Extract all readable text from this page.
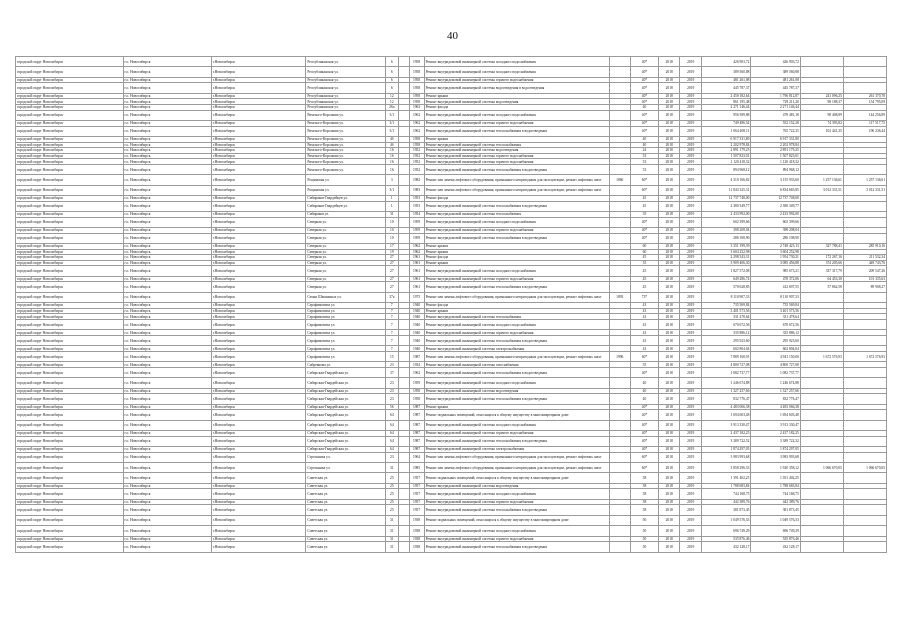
40
городской округ Новосибирск	г.о. Новосибирск	г.Новосибирск	Республиканская ул.	6		1958	Ремонт внутридомовой инженерной системы холодного водоснабжения		40*	2018	2019	426 903,72	426 903,72		
городской округ Новосибирск	г.о. Новосибирск	г.Новосибирск	Республиканская ул.	6		1958	Ремонт внутридомовой инженерной системы холодного водоснабжения		40*	2018	2019	389 560,88	389 560,88		
городской округ Новосибирск	г.о. Новосибирск	г.Новосибирск	Республиканская ул.	6		1958	Ремонт внутридомовой инженерной системы горячего водоснабжения		40*	2018	2019	481 261,08	481 261,08		
городской округ Новосибирск	г.о. Новосибирск	г.Новосибирск	Республиканская ул.	6		1958	Ремонт внутридомовой инженерной системы водоотведения в водоотведения		40*	2018	2019	445 787,37	445 787,37		
городской округ Новосибирск	г.о. Новосибирск	г.Новосибирск	Республиканская ул.	12		1958	Ремонт крыши		40*	2018	2019	2 450 182,64	1 796 812,87	241 096,25	261 370,78
городской округ Новосибирск	г.о. Новосибирск	г.Новосибирск	Республиканская ул.	12		1958	Ремонт внутридомовой инженерной системы водоотведения		40*	2018	2019	861 195,48	729 211,20	98 188,37	154 795,09
городской округ Новосибирск	г.о. Новосибирск	г.Новосибирск	Республиканская ул.	26а		1963	Ремонт фасада		40	2018	2019	2 271 146,44	2 271 146,44		
городской округ Новосибирск	г.о. Новосибирск	г.Новосибирск	Римского-Корсакова ул.	3/1		1962	Ремонт внутридомовой инженерной системы холодного водоснабжения		40*	2018	2019	956 589,88	478 481,18	98 408,89	144 256,89
городской округ Новосибирск	г.о. Новосибирск	г.Новосибирск	Римского-Корсакова ул.	3/1		1962	Ремонт внутридомовой инженерной системы горячего водоснабжения		40*	2018	2019	749 486,54	552 152,28	74 393,82	117 517,75
городской округ Новосибирск	г.о. Новосибирск	г.Новосибирск	Римского-Корсакова ул.	3/1		1962	Ремонт внутридомовой инженерной системы теплоснабжения в водоотведения		40*	2018	2019	1 064 408,11	765 722,35	102 441,35	196 236,44
городской округ Новосибирск	г.о. Новосибирск	г.Новосибирск	Римского-Корсакова ул.	4б		1958	Ремонт крыши		40	2018	2019	6 917 331,80	6 917 331,80		
городской округ Новосибирск	г.о. Новосибирск	г.Новосибирск	Римского-Корсакова ул.	4б		1958	Ремонт внутридомовой инженерной системы теплоснабжения		40	2018	2019	2 202 978,84	2 202 978,84		
городской округ Новосибирск	г.о. Новосибирск	г.Новосибирск	Римского-Корсакова ул.	16		1952	Ремонт внутридомовой инженерной системы водоотведения		24	2018	2019	2 891 179,25	2 891 179,25		
городской округ Новосибирск	г.о. Новосибирск	г.Новосибирск	Римского-Корсакова ул.	16		1952	Ремонт внутридомовой инженерной системы горячего водоснабжения		53	2018	2019	1 507 823,01	1 507 823,01		
городской округ Новосибирск	г.о. Новосибирск	г.Новосибирск	Римского-Корсакова ул.	16		1952	Ремонт внутридомовой инженерной системы горячего водоснабжения		53	2018	2019	1 120 418,32	1 120 418,32		
городской округ Новосибирск	г.о. Новосибирск	г.Новосибирск	Римского-Корсакова ул.	16		1952	Ремонт внутридомовой инженерной системы теплоснабжения в водоотведения		53	2018	2019	894 968,12	894 968,12		
городской округ Новосибирск	г.о. Новосибирск	г.Новосибирск	Рощинская ул.	3		1982	Ремонт или замена лифтового оборудования, признанного непригодным для эксплуатации, ремонт лифтовых шахт	1860	60*	2018	2019	4 310 166,82	3 155 933,60	1 257 136,61	1 257 136,61
городской округ Новосибирск	г.о. Новосибирск	г.Новосибирск	Рощинская ул.	3/1		1983	Ремонт или замена лифтового оборудования, признанного непригодным для эксплуатации, ремонт лифтовых шахт		60*	2018	2019	11 843 325,31	6 834 665,85	3 012 331,51	3 012 331,51
городской округ Новосибирск	г.о. Новосибирск	г.Новосибирск	Сибиряков-Гвардейцев ул.	1		1953	Ремонт фасада		45	2018	2019	12 737 748,00	12 737 748,00		
городской округ Новосибирск	г.о. Новосибирск	г.Новосибирск	Сибиряков-Гвардейцев ул.	1		1953	Ремонт внутридомовой инженерной системы теплоснабжения в водоотведения		45	2018	2019	2 380 349,77	2 380 349,77		
городской округ Новосибирск	г.о. Новосибирск	г.Новосибирск	Сибиряков ул.	31		1954	Ремонт внутридомовой инженерной системы теплоснабжения		35	2018	2019	2 433 992,00	2 433 992,00		
городской округ Новосибирск	г.о. Новосибирск	г.Новосибирск	Северная ул.	10		1959	Ремонт внутридомовой инженерной системы холодного водоснабжения		40*	2018	2019	602 399,66	602 399,66		
городской округ Новосибирск	г.о. Новосибирск	г.Новосибирск	Северная ул.	10		1959	Ремонт внутридомовой инженерной системы горячего водоснабжения		40*	2018	2019	398 208,04	398 208,04		
городской округ Новосибирск	г.о. Новосибирск	г.Новосибирск	Северная ул.	10		1959	Ремонт внутридомовой инженерной системы теплоснабжения в водоотведения		40*	2018	2019	286 108,90	286 108,90		
городской округ Новосибирск	г.о. Новосибирск	г.Новосибирск	Северная ул.	17		1962	Ремонт крыши		60	2018	2019	3 351 199,39	2 748 423,13	327 788,41	285 910,16
городской округ Новосибирск	г.о. Новосибирск	г.Новосибирск	Северная ул.	19		1962	Ремонт крыши		60	2018	2019	3 604 252,98	3 604 252,98		
городской округ Новосибирск	г.о. Новосибирск	г.Новосибирск	Северная ул.	27		1961	Ремонт фасада		45	2018	2019	2 298 543,31	1 954 730,21	172 267,16	211 532,34
городской округ Новосибирск	г.о. Новосибирск	г.Новосибирск	Северная ул.	27		1961	Ремонт крыши		55	2018	2019	3 909 406,30	3 085 456,88	374 205,66	449 743,76
городской округ Новосибирск	г.о. Новосибирск	г.Новосибирск	Северная ул.	27		1961	Ремонт внутридомовой инженерной системы холодного водоснабжения		45	2018	2019	1 827 572,08	985 673,21	337 317,79	209 547,26
городской округ Новосибирск	г.о. Новосибирск	г.Новосибирск	Северная ул.	27		1961	Ремонт внутридомовой инженерной системы горячего водоснабжения		45	2018	2019	649 286,74	478 372,06	64 453,38	101 335,63
городской округ Новосибирск	г.о. Новосибирск	г.Новосибирск	Северная ул.	27		1961	Ремонт внутридомовой инженерной системы теплоснабжения в водоотведения		45	2018	2019	570 628,85	412 697,55	57 862,58	89 908,27
городской округ Новосибирск	г.о. Новосибирск	г.Новосибирск	Семьи Шамшиных ул.	37а		1975	Ремонт или замена лифтового оборудования, признанного непригодным для эксплуатации, ремонт лифтовых шахт	1893	73*	2018	2019	8 110 907,33	8 110 907,33		
городской округ Новосибирск	г.о. Новосибирск	г.Новосибирск	Серафимовича ул.	7		1940	Ремонт фасада		43	2018	2019	735 569,84	735 569,84		
городской округ Новосибирск	г.о. Новосибирск	г.Новосибирск	Серафимовича ул.	7		1940	Ремонт крыши		43	2018	2019	3 401 573,56	3 401 573,56		
городской округ Новосибирск	г.о. Новосибирск	г.Новосибирск	Серафимовича ул.	7		1940	Ремонт внутридомовой инженерной системы теплоснабжения		43	2018	2019	331 478,64	331 478,64		
городской округ Новосибирск	г.о. Новосибирск	г.Новосибирск	Серафимовича ул.	7		1940	Ремонт внутридомовой инженерной системы холодного водоснабжения		43	2018	2019	670 672,56	670 672,56		
городской округ Новосибирск	г.о. Новосибирск	г.Новосибирск	Серафимовича ул.	7		1940	Ремонт внутридомовой инженерной системы горячего водоснабжения		43	2018	2019	335 886,12	335 886,12		
городской округ Новосибирск	г.о. Новосибирск	г.Новосибирск	Серафимовича ул.	7		1940	Ремонт внутридомовой инженерной системы теплоснабжения в водоотведения		43	2018	2019	295 923,60	295 923,60		
городской округ Новосибирск	г.о. Новосибирск	г.Новосибирск	Серафимовича ул.	7		1940	Ремонт внутридомовой инженерной системы электроснабжения		43	2018	2019	602 804,04	602 804,04		
городской округ Новосибирск	г.о. Новосибирск	г.Новосибирск	Серафимовича ул.	15		1987	Ремонт или замена лифтового оборудования, признанного непригодным для эксплуатации, ремонт лифтовых шахт	1996	60*	2018	2019	7 889 160,91	4 941 150,00	1 672 576,93	1 672 576,93
городской округ Новосибирск	г.о. Новосибирск	г.Новосибирск	Сибревкома ул.	23		1934	Ремонт внутридомовой инженерной системы газоснабжения		55	2018	2019	4 800 727,08	4 800 727,08		
городской округ Новосибирск	г.о. Новосибирск	г.Новосибирск	Сибирская-Гвардейская ул.	37		1962	Ремонт внутридомовой инженерной системы теплоснабжения в водоотведения		40*	2018	2019	1 082 737,77	1 082 737,77		
городской округ Новосибирск	г.о. Новосибирск	г.Новосибирск	Сибирская-Гвардейская ул.	23		1959	Ремонт внутридомовой инженерной системы холодного водоснабжения		40	2018	2019	1 246 674,88	1 246 674,88		
городской округ Новосибирск	г.о. Новосибирск	г.Новосибирск	Сибирская-Гвардейская ул.	23		1958	Ремонт внутридомовой инженерной системы водоотведения		40	2018	2019	1 327 257,66	1 327 257,66		
городской округ Новосибирск	г.о. Новосибирск	г.Новосибирск	Сибирская-Гвардейская ул.	23		1958	Ремонт внутридомовой инженерной системы теплоснабжения в водоотведения		40	2018	2019	832 776,47	832 776,47		
городской округ Новосибирск	г.о. Новосибирск	г.Новосибирск	Сибирская-Гвардейская ул.	56		1987	Ремонт крыши		40*	2018	2019	4 483 066,38	4 483 066,38		
городской округ Новосибирск	г.о. Новосибирск	г.Новосибирск	Сибирская-Гвардейская ул.	64		1987	Ремонт подвальных помещений, относящихся к общему имуществу в многоквартирном доме		40*	2018	2019	1 694 603,48	1 694 603,48		
городской округ Новосибирск	г.о. Новосибирск	г.Новосибирск	Сибирская-Гвардейская ул.	64		1987	Ремонт внутридомовой инженерной системы холодного водоснабжения		40*	2018	2019	3 913 330,47	3 913 330,47		
городской округ Новосибирск	г.о. Новосибирск	г.Новосибирск	Сибирская-Гвардейская ул.	64		1987	Ремонт внутридомовой инженерной системы горячего водоснабжения		40*	2018	2019	2 437 182,25	2 437 182,25		
городской округ Новосибирск	г.о. Новосибирск	г.Новосибирск	Сибирская-Гвардейская ул.	64		1987	Ремонт внутридомовой инженерной системы теплоснабжения в водоотведения		40*	2018	2019	3 389 722,32	3 389 722,32		
городской округ Новосибирск	г.о. Новосибирск	г.Новосибирск	Сибирская-Гвардейская ул.	64		1987	Ремонт внутридомовой инженерной системы электроснабжения		40*	2018	2019	1 874 297,05	1 874 297,05		
городской округ Новосибирск	г.о. Новосибирск	г.Новосибирск	Стрельника ул.	23		1964	Ремонт или замена лифтового оборудования, признанного непригодным для эксплуатации, ремонт лифтовых шахт		60*	2018	2019	3 983 993,68	3 983 993,68		
городской округ Новосибирск	г.о. Новосибирск	г.Новосибирск	Стрельника ул.	31		1985	Ремонт или замена лифтового оборудования, признанного непригодным для эксплуатации, ремонт лифтовых шахт		60*	2018	2019	3 858 296,33	1 920 358,12	1 066 670,05	1 066 670,05
городской округ Новосибирск	г.о. Новосибирск	г.Новосибирск	Советская ул.	25		1957	Ремонт подвальных помещений, относящихся к общему имуществу в многоквартирном доме		58	2018	2019	1 391 402,25	1 391 402,25		
городской округ Новосибирск	г.о. Новосибирск	г.Новосибирск	Советская ул.	25		1957	Ремонт внутридомовой инженерной системы водоотведения		58	2018	2019	1 788 683,84	1 788 683,84		
городской округ Новосибирск	г.о. Новосибирск	г.Новосибирск	Советская ул.	25		1957	Ремонт внутридомовой инженерной системы холодного водоснабжения		58	2018	2019	744 168,75	744 168,75		
городской округ Новосибирск	г.о. Новосибирск	г.Новосибирск	Советская ул.	25		1957	Ремонт внутридомовой инженерной системы горячего водоснабжения		58	2018	2019	442 389,76	442 389,76		
городской округ Новосибирск	г.о. Новосибирск	г.Новосибирск	Советская ул.	25		1957	Ремонт внутридомовой инженерной системы теплоснабжения в водоотведения		58	2018	2019	381 873,45	381 873,45		
городской округ Новосибирск	г.о. Новосибирск	г.Новосибирск	Советская ул.	31		1938	Ремонт подвальных помещений, относящихся к общему имуществу в многоквартирном доме		50	2018	2019	1 049 576,33	1 049 576,33		
городской округ Новосибирск	г.о. Новосибирск	г.Новосибирск	Советская ул.	31		1938	Ремонт внутридомовой инженерной системы холодного водоснабжения		50	2018	2019	696 749,29	696 749,29		
городской округ Новосибирск	г.о. Новосибирск	г.Новосибирск	Советская ул.	31		1938	Ремонт внутридомовой инженерной системы горячего водоснабжения		50	2018	2019	535 876,46	535 876,46		
городской округ Новосибирск	г.о. Новосибирск	г.Новосибирск	Советская ул.	31		1938	Ремонт внутридомовой инженерной системы теплоснабжения в водоотведения		50	2018	2019	432 128,17	432 128,17		
